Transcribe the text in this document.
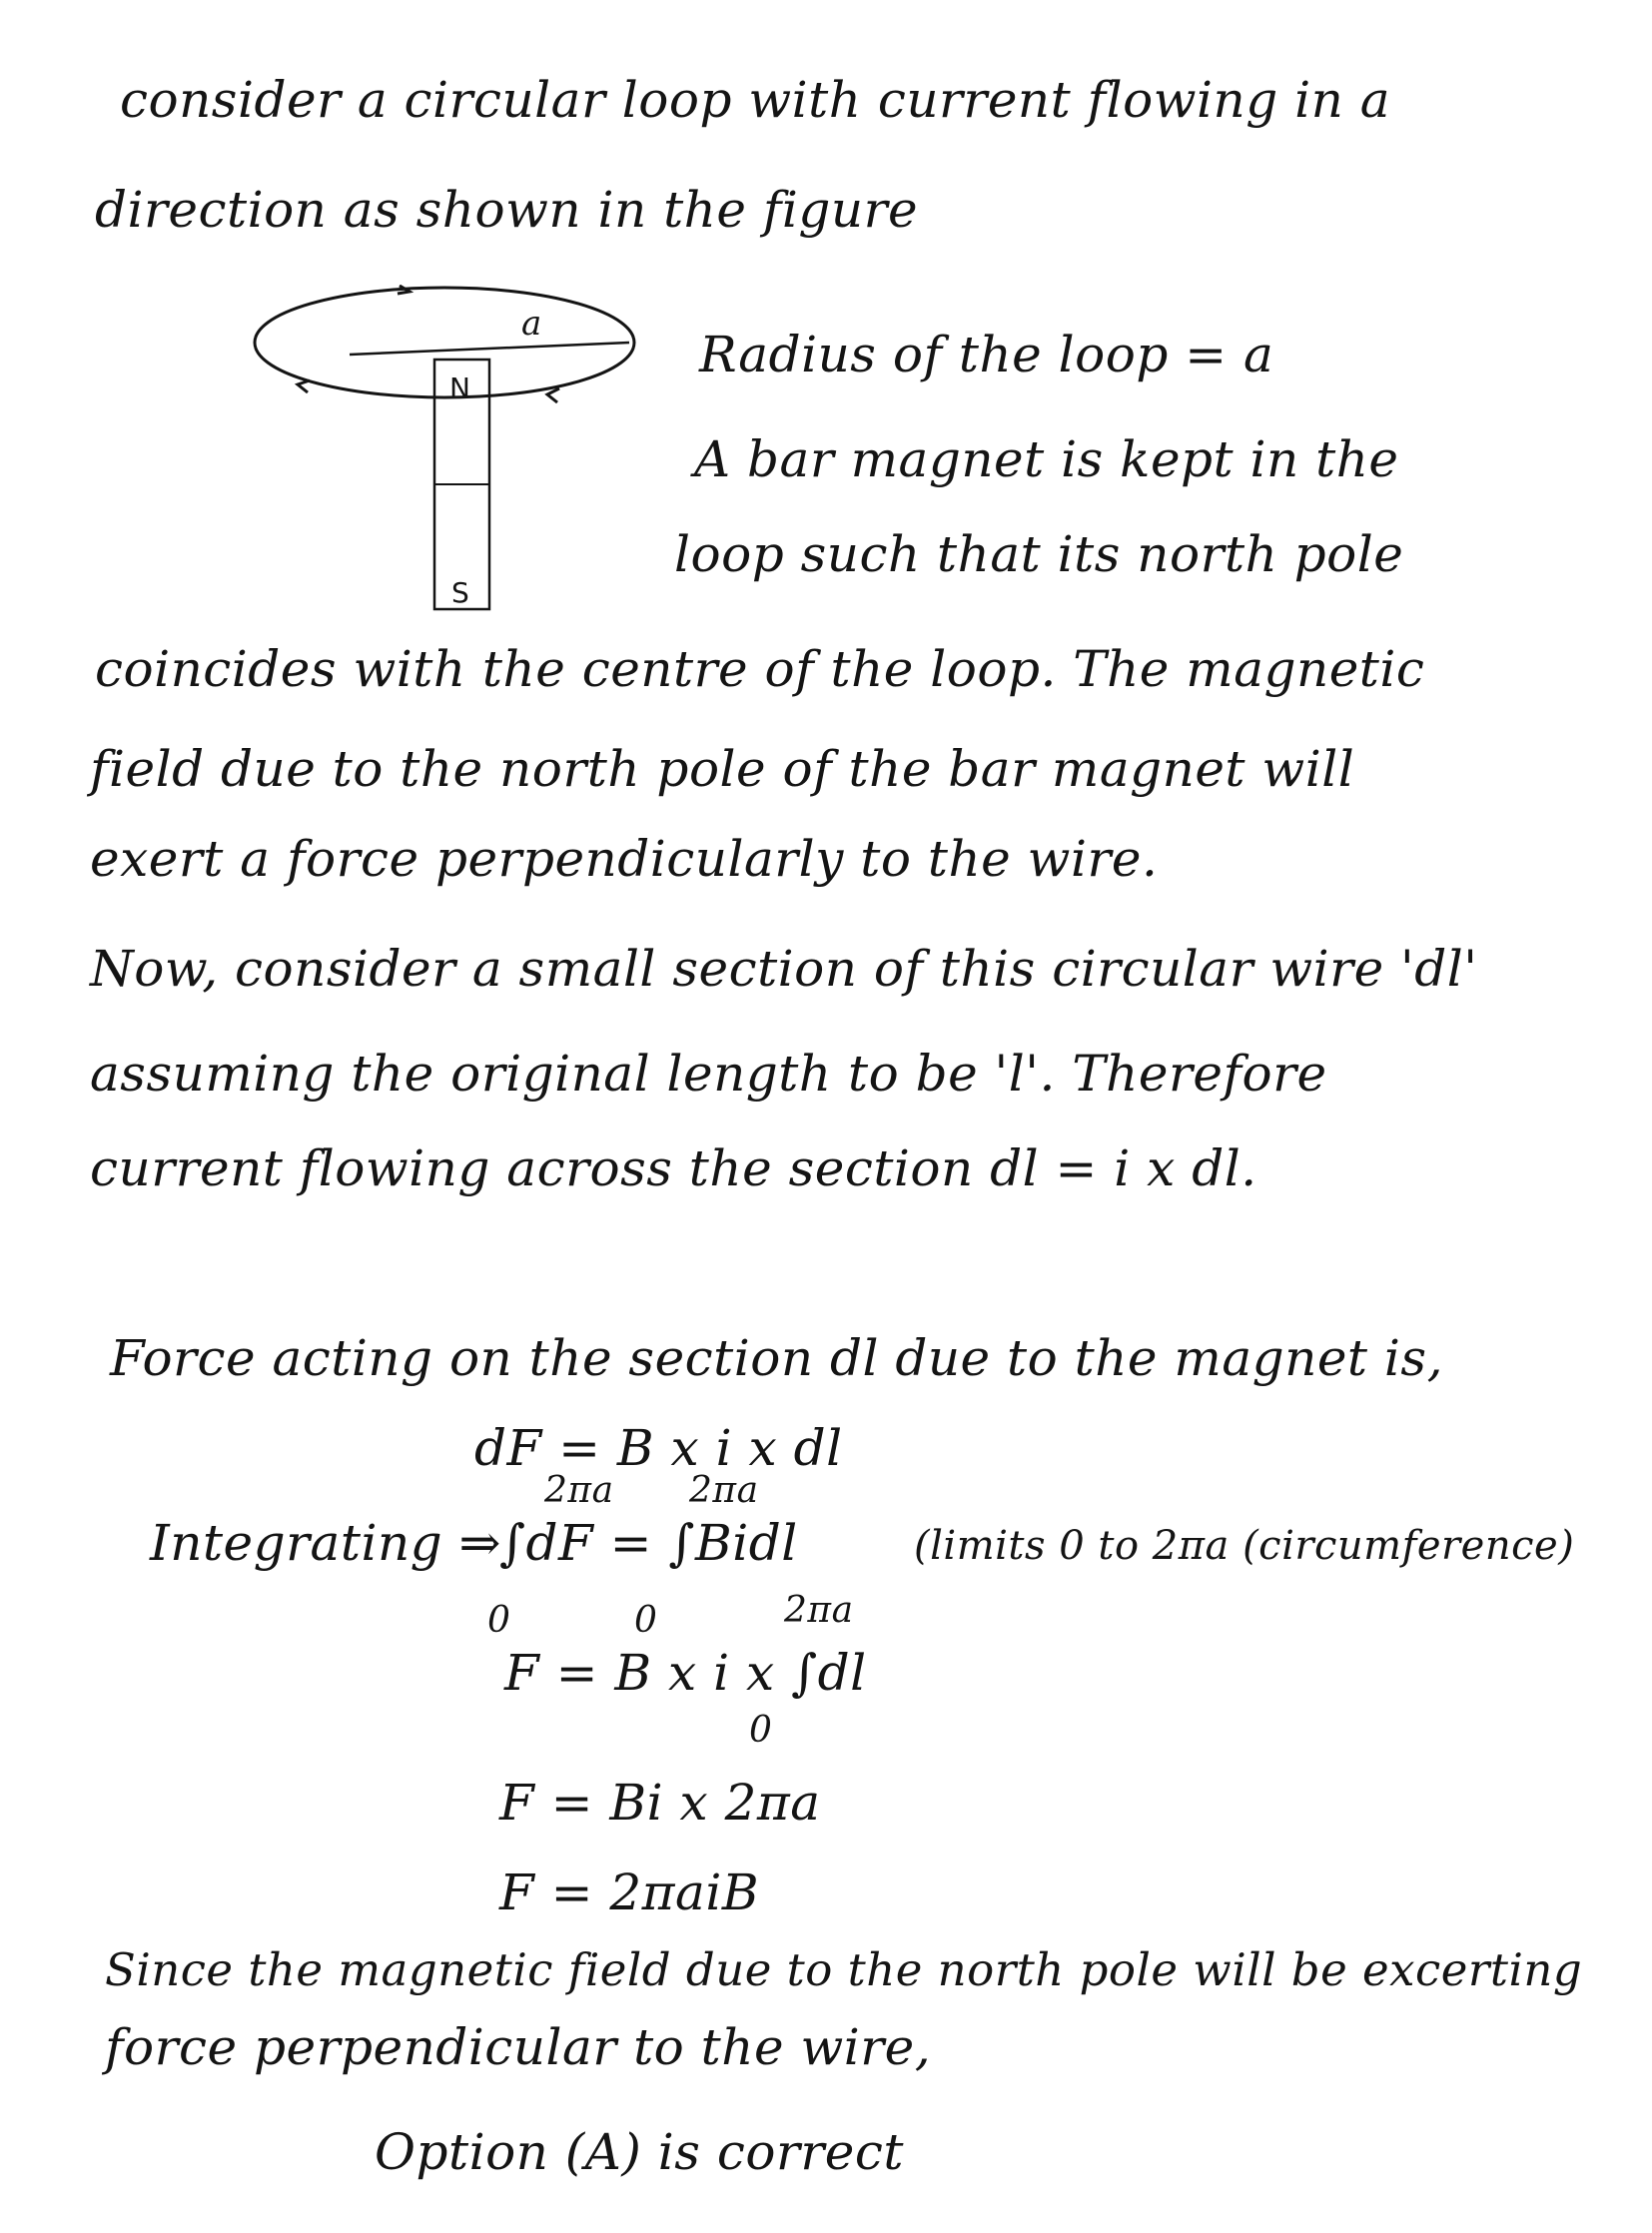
consider a circular loop with current flowing in a
direction as shown in the figure
a
N
S
Radius of the loop = a
A bar magnet is kept in the
loop such that its north pole
coincides with the centre of the loop. The magnetic
field due to the north pole of the bar magnet will
exert a force perpendicularly to the wire.
Now, consider a small section of this circular wire 'dl'
assuming the original length to be 'l'. Therefore
current flowing across the section dl = i x dl.
Force acting on the section dl due to the magnet is,
dF = B x i x dl
2πa 2πa
Integrating ⇒
∫dF = ∫Bidl	(limits 0 to 2πa (circumference)
0	0	2πa
F = B x i x ∫dl
0
F = Bi x 2πa
F = 2πaiB
Since the magnetic field due to the north pole will be excerting
force perpendicular to the wire,
Option (A) is correct
